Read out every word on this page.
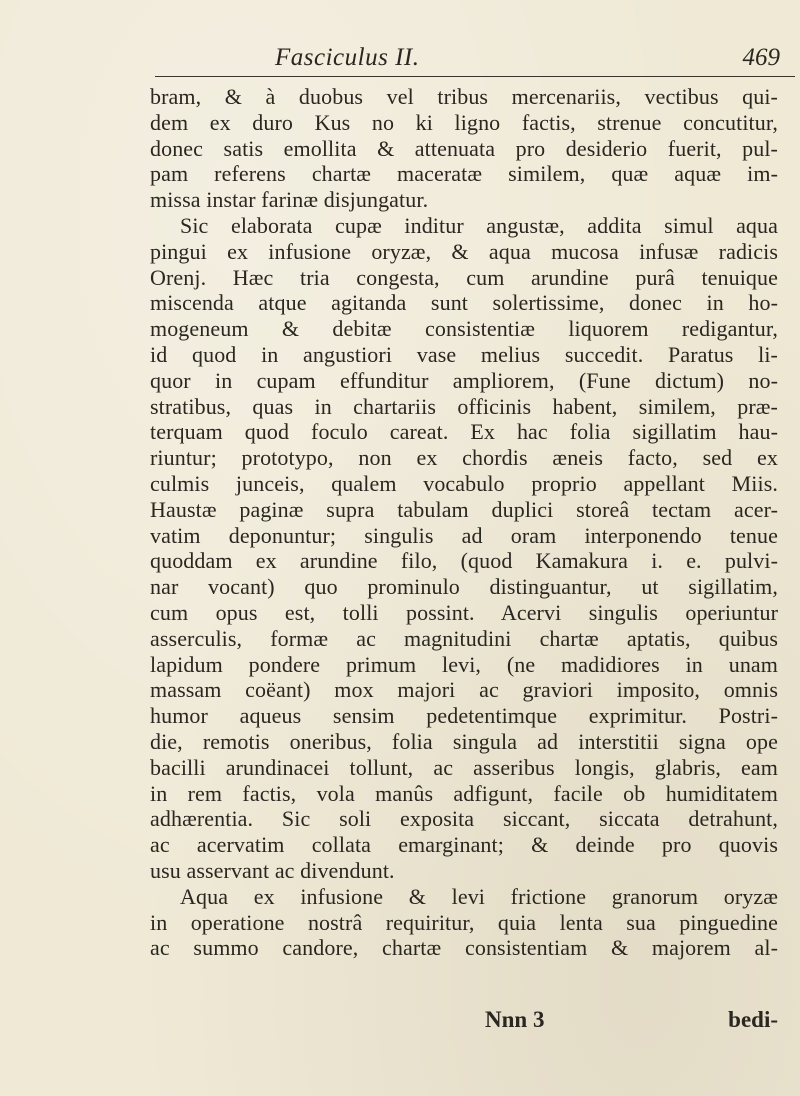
Fasciculus II.	469
bram, & à duobus vel tribus mercenariis, vectibus qui-
dem ex duro Kus no ki ligno factis, strenue concutitur,
donec satis emollita & attenuata pro desiderio fuerit, pul-
pam referens chartæ maceratæ similem, quæ aquæ im-
missa instar farinæ disjungatur.
Sic elaborata cupæ inditur angustæ, addita simul aqua
pingui ex infusione oryzæ, & aqua mucosa infusæ radicis
Orenj. Hæc tria congesta, cum arundine purâ tenuique
miscenda atque agitanda sunt solertissime, donec in ho-
mogeneum & debitæ consistentiæ liquorem redigantur,
id quod in angustiori vase melius succedit. Paratus li-
quor in cupam effunditur ampliorem, (Fune dictum) no-
stratibus, quas in chartariis officinis habent, similem, præ-
terquam quod foculo careat. Ex hac folia sigillatim hau-
riuntur; prototypo, non ex chordis æneis facto, sed ex
culmis junceis, qualem vocabulo proprio appellant Miis.
Haustæ paginæ supra tabulam duplici storeâ tectam acer-
vatim deponuntur; singulis ad oram interponendo tenue
quoddam ex arundine filo, (quod Kamakura i. e. pulvi-
nar vocant) quo prominulo distinguantur, ut sigillatim,
cum opus est, tolli possint. Acervi singulis operiuntur
asserculis, formæ ac magnitudini chartæ aptatis, quibus
lapidum pondere primum levi, (ne madidiores in unam
massam coëant) mox majori ac graviori imposito, omnis
humor aqueus sensim pedetentimque exprimitur. Postri-
die, remotis oneribus, folia singula ad interstitii signa ope
bacilli arundinacei tollunt, ac asseribus longis, glabris, eam
in rem factis, vola manûs adfigunt, facile ob humiditatem
adhærentia. Sic soli exposita siccant, siccata detrahunt,
ac acervatim collata emarginant; & deinde pro quovis
usu asservant ac divendunt.
Aqua ex infusione & levi frictione granorum oryzæ
in operatione nostrâ requiritur, quia lenta sua pinguedine
ac summo candore, chartæ consistentiam & majorem al-
Nnn 3	bedi-
